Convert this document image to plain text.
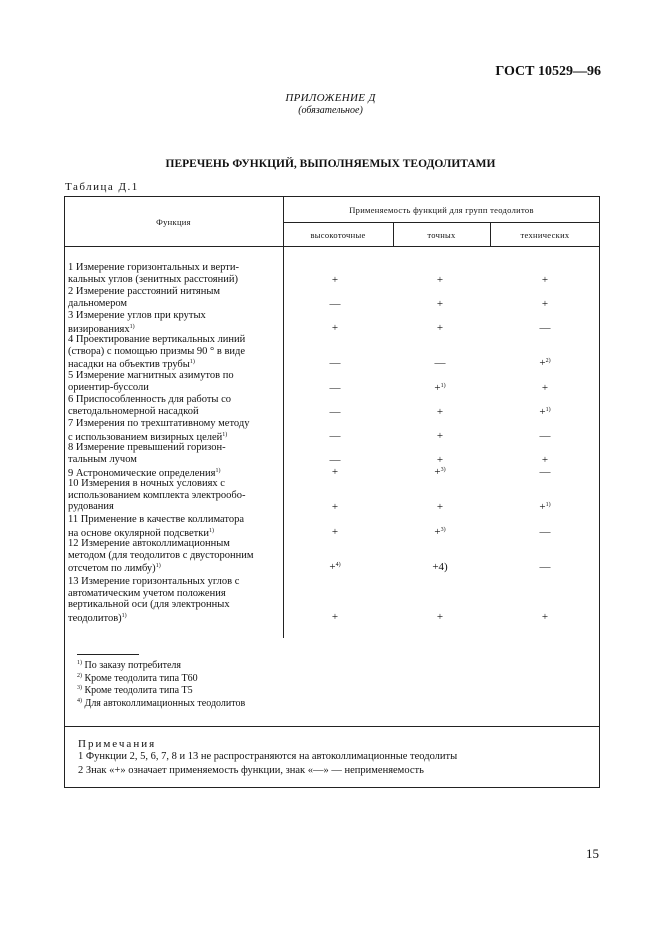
ГОСТ 10529—96
ПРИЛОЖЕНИЕ Д
(обязательное)
ПЕРЕЧЕНЬ ФУНКЦИЙ, ВЫПОЛНЯЕМЫХ ТЕОДОЛИТАМИ
Таблица Д.1
Функция
Применяемость функций для групп теодолитов
высокоточные	точных	технических
1 Измерение горизонтальных и верти-
кальных углов (зенитных расстояний)	+	+	+
2 Измерение расстояний нитяным
дальномером	—	+	+
3 Измерение углов при крутых
визированиях$^{1)}$	+	+	—
4 Проектирование вертикальных линий
(створа) с помощью призмы 90 ° в виде
насадки на объектив трубы$^{1)}$	—	—	+$^{2)}$
5 Измерение магнитных азимутов по
ориентир-буссоли	—	+$^{1)}$	+
6 Приспособленность для работы со
светодальномерной насадкой	—	+	+$^{1)}$
7 Измерения по трехштативному методу
с использованием визирных целей$^{1)}$	—	+	—
8 Измерение превышений горизон-
тальным лучом	—	+	+
9 Астрономические определения$^{1)}$	+	+$^{3)}$	—
10 Измерения в ночных условиях с
использованием комплекта электрообо-
рудования	+	+	+$^{1)}$
11 Применение в качестве коллиматора
на основе окулярной подсветки$^{1)}$	+	+$^{3)}$	—
12 Измерение автоколлимационным
методом (для теодолитов с двусторонним
отсчетом по лимбу)$^{1)}$	+$^{4)}$	+4)	—
13 Измерение горизонтальных углов с
автоматическим учетом положения
вертикальной оси (для электронных
теодолитов)$^{1)}$	+	+	+
$^{1)}$ По заказу потребителя
$^{2)}$ Кроме теодолита типа Т60
$^{3)}$ Кроме теодолита типа Т5
$^{4)}$ Для автоколлимационных теодолитов
Примечания
1 Функции 2, 5, 6, 7, 8 и 13 не распространяются на автоколлимационные теодолиты
2 Знак «+» означает применяемость функции, знак «—» — неприменяемость
15
